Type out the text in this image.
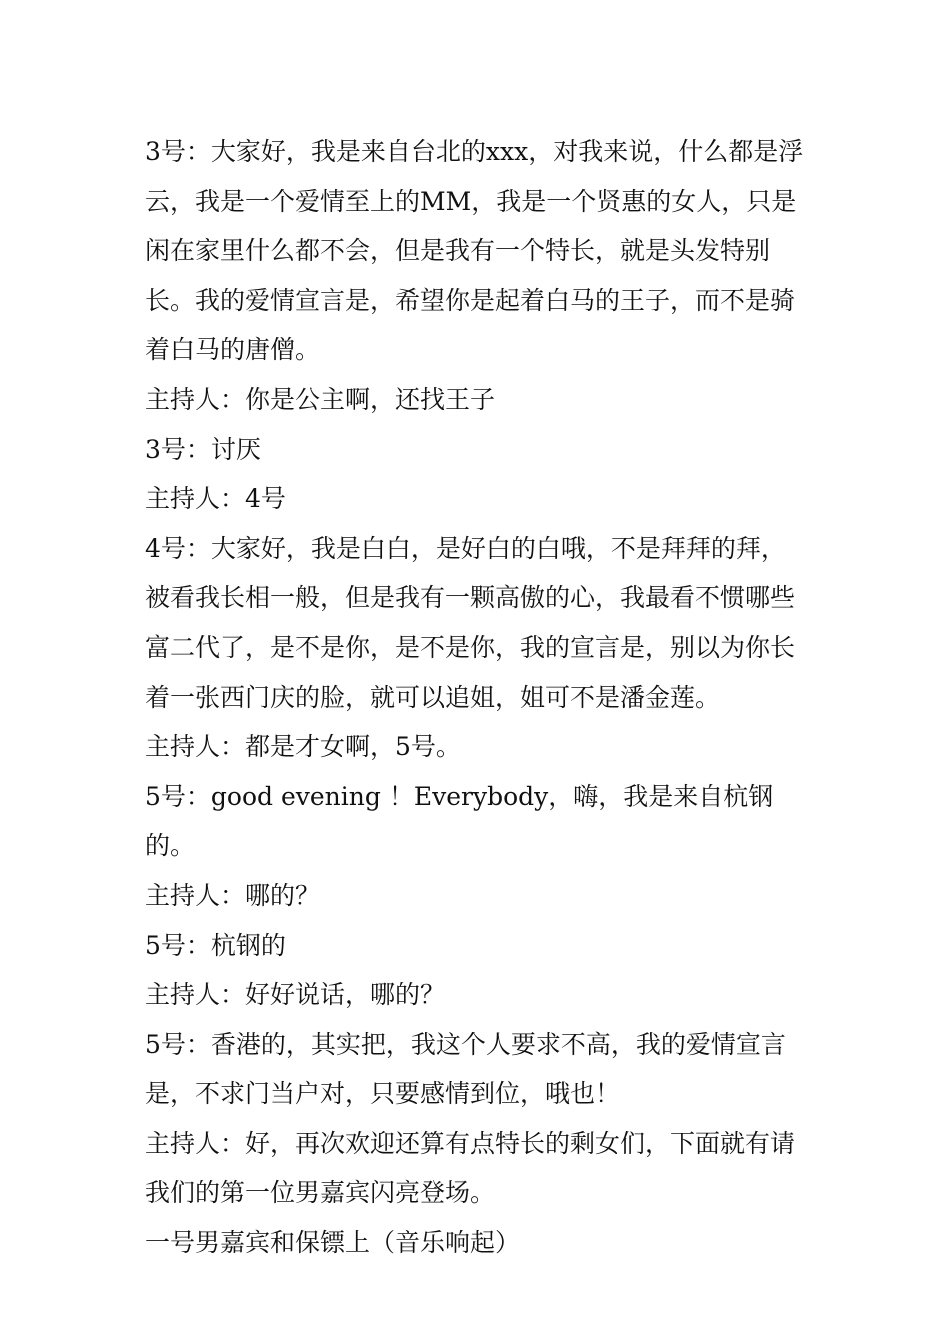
3号：大家好，我是来自台北的xxx，对我来说，什么都是浮云，我是一个爱情至上的MM，我是一个贤惠的女人，只是闲在家里什么都不会，但是我有一个特长，就是头发特别长。我的爱情宣言是，希望你是起着白马的王子，而不是骑着白马的唐僧。

主持人：你是公主啊，还找王子

3号：讨厌

主持人：4号

4号：大家好，我是白白，是好白的白哦，不是拜拜的拜，被看我长相一般，但是我有一颗高傲的心，我最看不惯哪些富二代了，是不是你，是不是你，我的宣言是，别以为你长着一张西门庆的脸，就可以追姐，姐可不是潘金莲。

主持人：都是才女啊，5号。

5号：good evening ！Everybody，嗨，我是来自杭钢的。

主持人：哪的？

5号：杭钢的

主持人：好好说话，哪的？

5号：香港的，其实把，我这个人要求不高，我的爱情宣言是，不求门当户对，只要感情到位，哦也！

主持人：好，再次欢迎还算有点特长的剩女们，下面就有请我们的第一位男嘉宾闪亮登场。

一号男嘉宾和保镖上（音乐响起）
